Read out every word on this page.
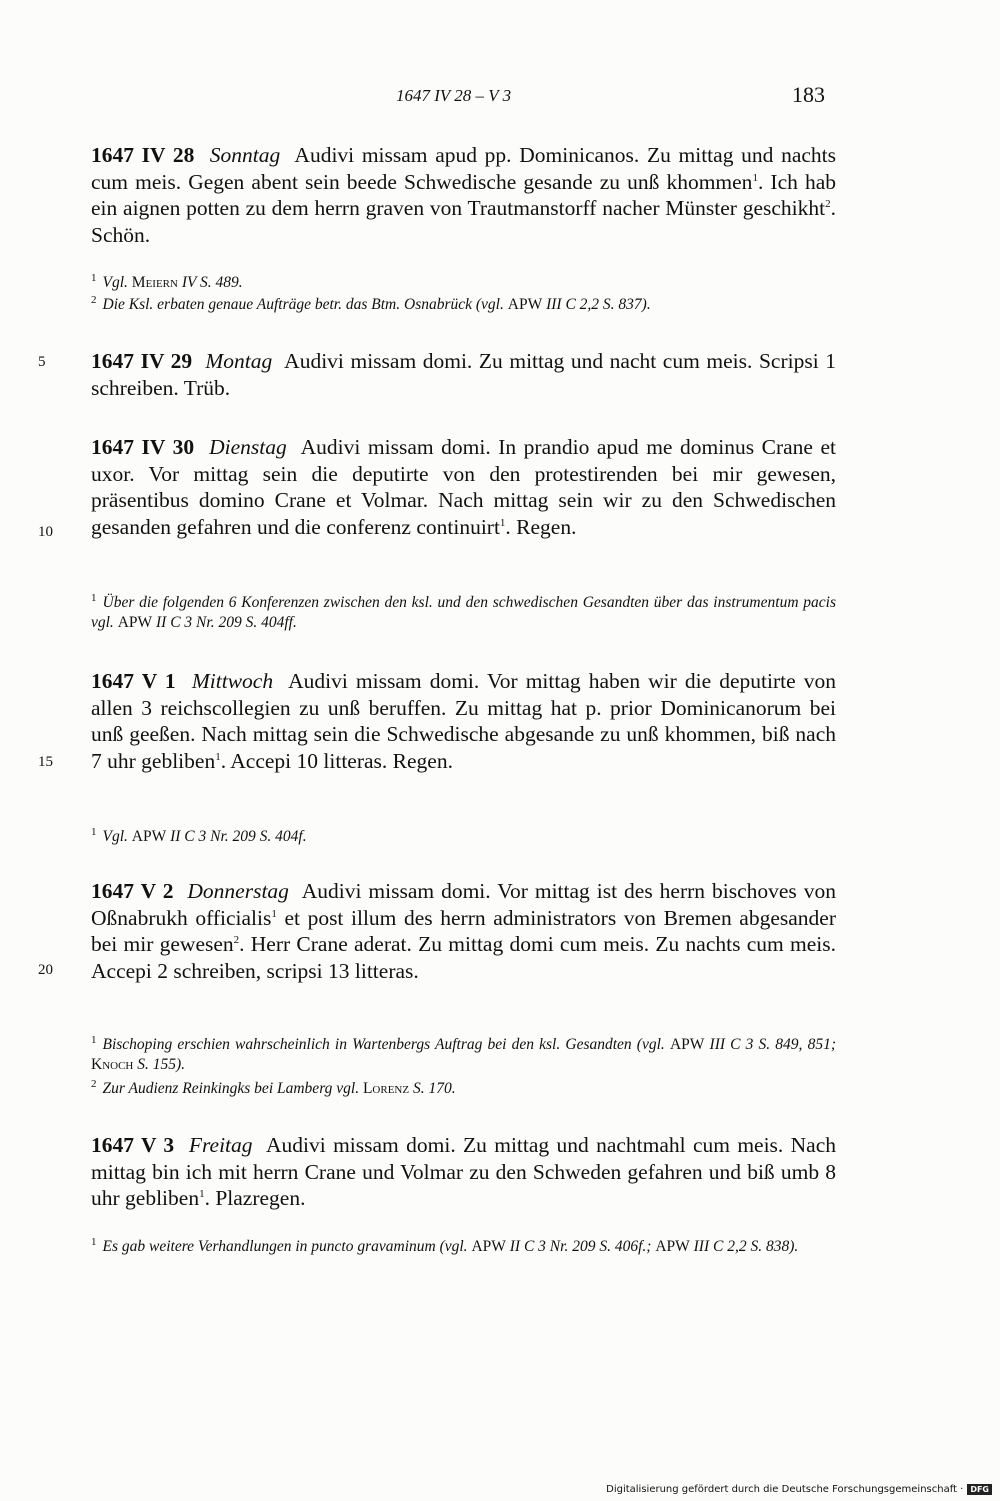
1647 IV 28 – V 3	183
1647 IV 28 Sonntag Audivi missam apud pp. Dominicanos. Zu mittag und nachts cum meis. Gegen abent sein beede Schwedische gesande zu unß khommen$^1$. Ich hab ein aignen potten zu dem herrn graven von Trautmanstorff nacher Münster geschikht$^2$. Schön.
$^1$ Vgl. Meiern IV S. 489.
$^2$ Die Ksl. erbaten genaue Aufträge betr. das Btm. Osnabrück (vgl. APW III C 2,2 S. 837).
5 1647 IV 29 Montag Audivi missam domi. Zu mittag und nacht cum meis. Scripsi 1 schreiben. Trüb.
1647 IV 30 Dienstag Audivi missam domi. In prandio apud me dominus Crane et uxor. Vor mittag sein die deputirte von den protestirenden bei mir gewesen, präsentibus domino Crane et Volmar. Nach mittag sein wir zu den Schwedischen gesanden gefahren und die conferenz continuirt$^1$. Regen.
10
$^1$ Über die folgenden 6 Konferenzen zwischen den ksl. und den schwedischen Gesandten über das instrumentum pacis vgl. APW II C 3 Nr. 209 S. 404ff.
1647 V 1 Mittwoch Audivi missam domi. Vor mittag haben wir die deputirte von allen 3 reichscollegien zu unß beruffen. Zu mittag hat p. prior Dominicanorum bei unß geeßen. Nach mittag sein die Schwedische abgesande zu unß khommen, biß nach 7 uhr gebliben$^1$. Accepi 10 litteras. Regen.
15
$^1$ Vgl. APW II C 3 Nr. 209 S. 404f.
1647 V 2 Donnerstag Audivi missam domi. Vor mittag ist des herrn bischoves von Oßnabrukh officialis$^1$ et post illum des herrn administrators von Bremen abgesander bei mir gewesen$^2$. Herr Crane aderat. Zu mittag domi cum meis. Zu nachts cum meis. Accepi 2 schreiben, scripsi 13 litteras.
20
$^1$ Bischoping erschien wahrscheinlich in Wartenbergs Auftrag bei den ksl. Gesandten (vgl. APW III C 3 S. 849, 851; Knoch S. 155).
$^2$ Zur Audienz Reinkingks bei Lamberg vgl. Lorenz S. 170.
1647 V 3 Freitag Audivi missam domi. Zu mittag und nachtmahl cum meis. Nach mittag bin ich mit herrn Crane und Volmar zu den Schweden gefahren und biß umb 8 uhr gebliben$^1$. Plazregen.
$^1$ Es gab weitere Verhandlungen in puncto gravaminum (vgl. APW II C 3 Nr. 209 S. 406f.; APW III C 2,2 S. 838).
Digitalisierung gefördert durch die Deutsche Forschungsgemeinschaft · DFG
